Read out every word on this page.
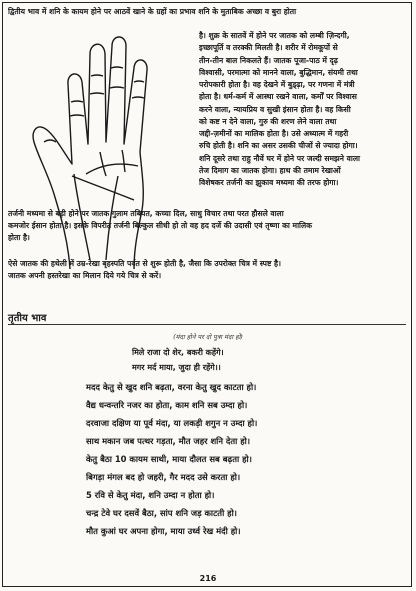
द्वितीय भाव में शनि के कायम होने पर आठवें खाने के ग्रहों का प्रभाव शनि के मुताबिक अच्छा व बुरा होता
है। शुक्र के सातवें में होने पर जातक को लम्बी ज़िन्दगी,
इच्छापूर्ति व तरक्की मिलती है। शरीर में रोमकूपों से
तीन-तीन बाल निकलते हैं। जातक पूजा-पाठ में दृढ़
विश्वासी, परमात्मा को मानने वाला, बुद्धिमान, संयमी तथा
परोपकारी होता है। वह देखने में बुड्ढ़ा, पर गणना में मंत्री
होता है। धर्म-कर्म में आस्था रखने वाला, कर्मों पर विश्वास
करने वाला, न्यायप्रिय व सुखी इंसान होता है। वह किसी
को कष्ट न देने वाला, गुरु की शरण लेने वाला तथा
जद्दी-ज़मीनों का मालिक होता है। उसे अध्यात्म में गहरी
रुचि होती है। शनि का असर उसकी चीजों से ज्यादा होगा।
शनि दूसरे तथा राहु नौवें घर में होने पर जल्दी समझने वाला
तेज दिमाग का जातक होगा। हाथ की तमाम रेखाओं
विशेषकर तर्जनी का झुकाव मध्यमा की तरफ होगा।
तर्जनी मध्यमा से बड़ी होने पर जातक गुलाम तबियत, कच्चा दिल, साधु विचार तथा परत हौसले वाला
कमजोर ईसान होता है। इसके विपरीत तर्जनी बिल्कुल सीधी हो तो वह हद दर्जे की उदासी एवं तृष्णा का मालिक
होता है।
ऐसे जातक की हथेली में उम्र-रेखा बृहस्पति पर्वत से शुरू होती है, जैसा कि उपरोक्त चित्र में स्पष्ट है।
जातक अपनी हस्तरेखा का मिलान दिये गये चित्र से करें।
तृतीय भाव
(मंदा होने पर दो पुत्रा मंदा हो)
मिले राजा दो शेर, बकरी कहेंगे।
मगर मर्द माया, जुदा ही रहेंगे।।
मदद केतु से खुद शनि बढ़ता, वरना केतु खुद काटता हो।
वैद्य धन्वन्तरि नजर का होता, काम शनि सब उम्दा हो।
दरवाजा दक्षिण या पूर्व मंदा, या लकड़ी शगुन न उम्दा हो।
साथ मकान जब पत्थर गड़ता, मौत जहर शनि देता हो।
केतु बैठा 10 कायम साथी, माया दौलत सब बढ़ता हो।
बिगड़ा मंगल बद हो जहरी, गैर मदद उसे करता हो।
5 रवि से केतु मंदा, शनि उम्दा न होता हो।
चन्द्र टेवे घर दसवें बैठा, सांप शनि जड़ काटती हो।
मौत कुआं घर अपना होगा, माया उर्ध्व रेख मंदी हो।
216
